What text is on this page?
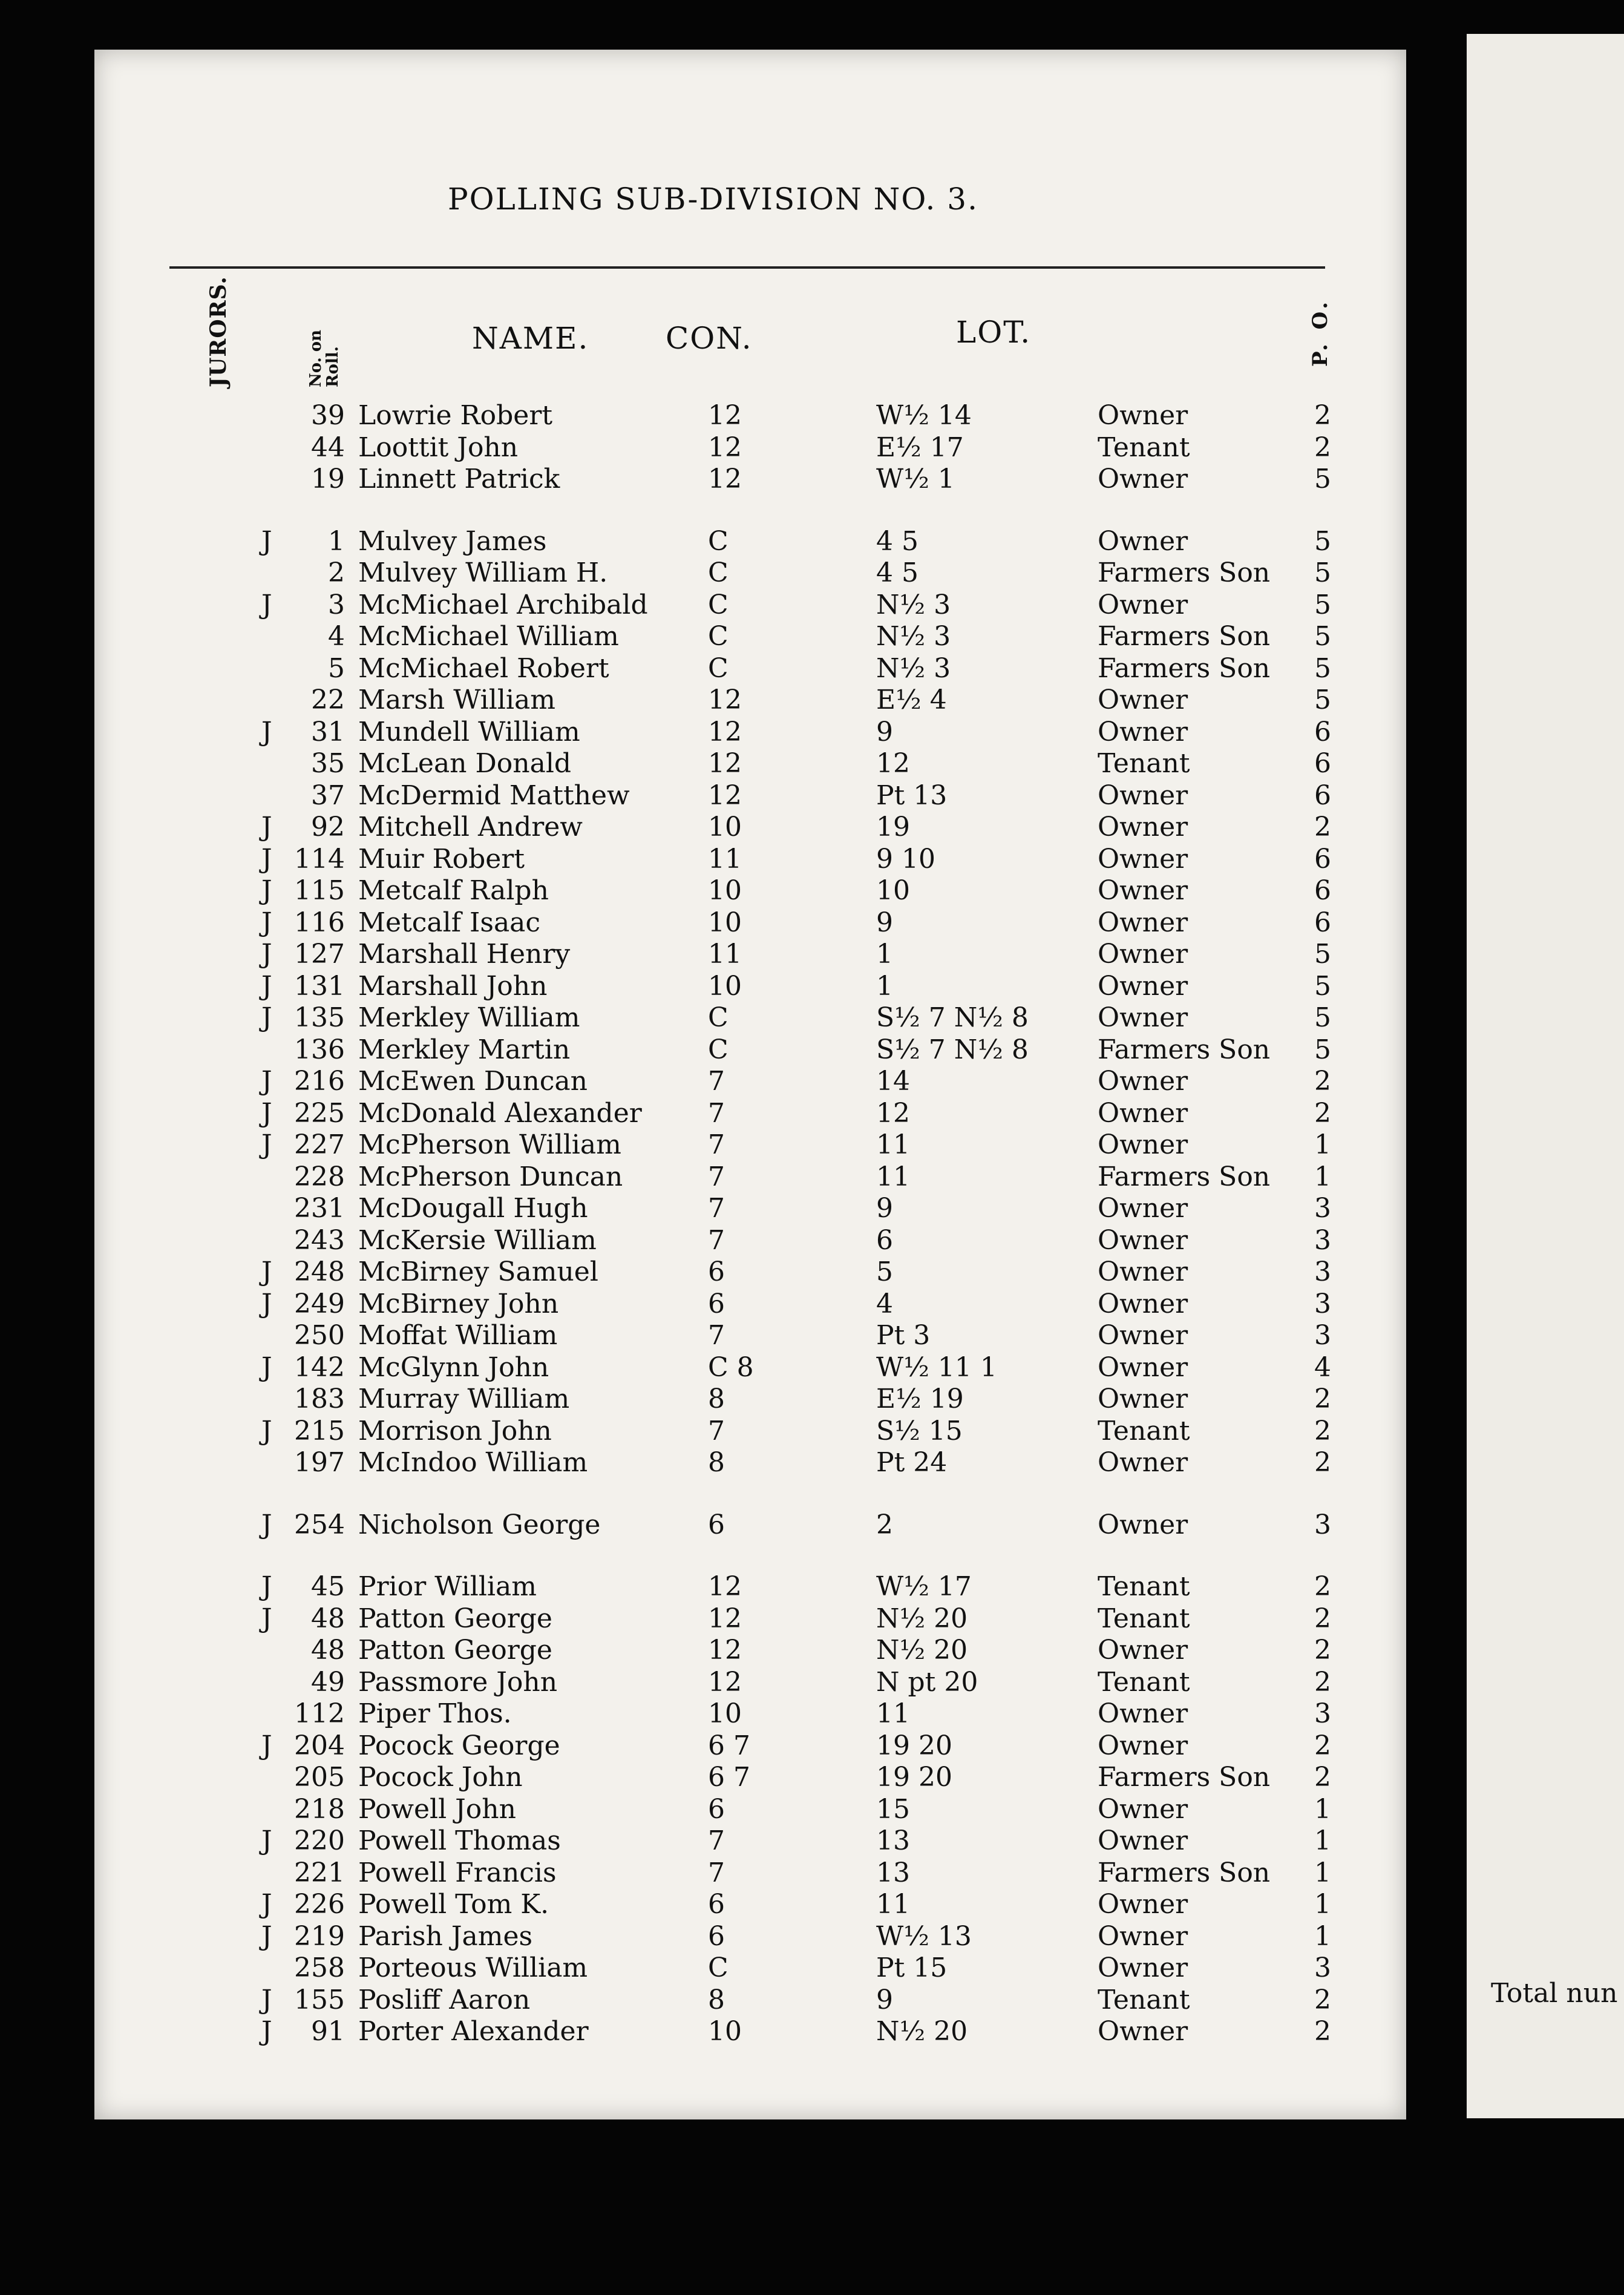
POLLING SUB-DIVISION NO. 3.
JURORS.	No. on Roll.
NAME.	CON.	LOT.	P. O.
39 Lowrie Robert	12	W½ 14	Owner	2
44 Loottit John	12	E½ 17	Tenant	2
19 Linnett Patrick	12	W½ 1	Owner	5
J 1 Mulvey James	C	4 5	Owner	5
2 Mulvey William H.	C	4 5	Farmers Son 5
J 3 McMichael Archibald C	N½ 3	Owner	5
4 McMichael William	C	N½ 3	Farmers Son 5
5 McMichael Robert	C	N½ 3	Farmers Son 5
22 Marsh William	12	E½ 4	Owner	5
J 31 Mundell William	12	9	Owner	6
35 McLean Donald	12	12	Tenant	6
37 McDermid Matthew	12	Pt 13	Owner	6
J 92 Mitchell Andrew	10	19	Owner	2
J 114 Muir Robert	11	9 10	Owner	6
J 115 Metcalf Ralph	10	10	Owner	6
J 116 Metcalf Isaac	10	9	Owner	6
J 127 Marshall Henry	11	1	Owner	5
J 131 Marshall John	10	1	Owner	5
J 135 Merkley William	C	S½ 7 N½ 8	Owner	5
136 Merkley Martin	C	S½ 7 N½ 8	Farmers Son 5
J 216 McEwen Duncan	7	14	Owner	2
J 225 McDonald Alexander 7	12	Owner	2
J 227 McPherson William	7	11	Owner	1
228 McPherson Duncan	7	11	Farmers Son 1
231 McDougall Hugh	7	9	Owner	3
243 McKersie William	7	6	Owner	3
J 248 McBirney Samuel	6	5	Owner	3
J 249 McBirney John	6	4	Owner	3
250 Moffat William	7	Pt 3	Owner	3
J 142 McGlynn John	C 8	W½ 11 1	Owner	4
183 Murray William	8	E½ 19	Owner	2
J 215 Morrison John	7	S½ 15	Tenant	2
197 McIndoo William	8	Pt 24	Owner	2
J 254 Nicholson George	6	2	Owner	3
J 45 Prior William	12	W½ 17	Tenant	2
J 48 Patton George	12	N½ 20	Tenant	2
48 Patton George	12	N½ 20	Owner	2
49 Passmore John	12	N pt 20	Tenant	2
112 Piper Thos.	10	11	Owner	3
J 204 Pocock George	6 7	19 20	Owner	2
205 Pocock John	6 7	19 20	Farmers Son 2
218 Powell John	6	15	Owner	1
J 220 Powell Thomas	7	13	Owner	1
221 Powell Francis	7	13	Farmers Son 1
J 226 Powell Tom K.	6	11	Owner	1
J 219 Parish James	6	W½ 13	Owner	1
258 Porteous William	C	Pt 15	Owner	3
J 155 Posliff Aaron	8	9	Tenant	2
J 91 Porter Alexander	10	N½ 20	Owner	2
Total nun
